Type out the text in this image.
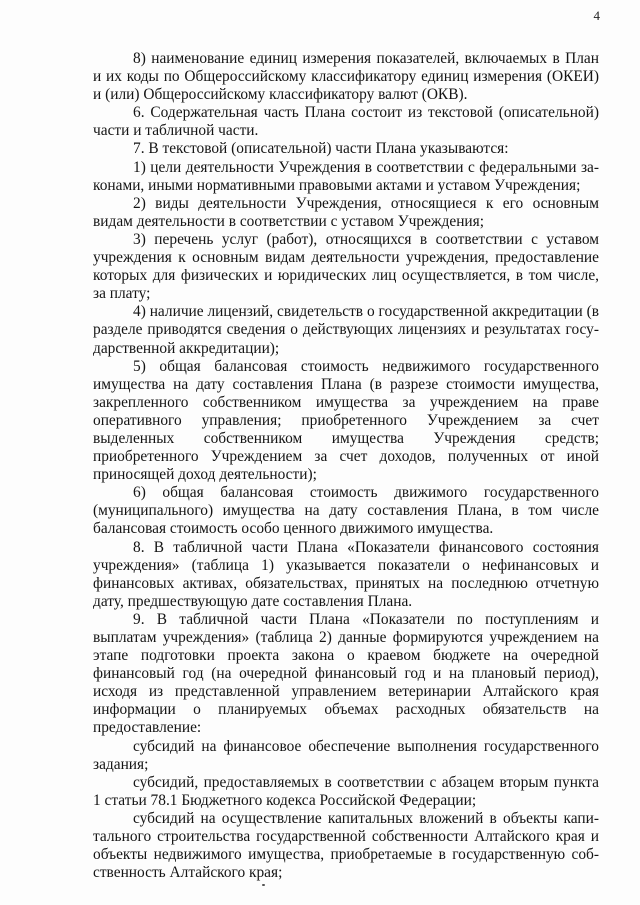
4

8) наименование единиц измерения показателей, включаемых в План и их коды по Общероссийскому классификатору единиц измерения (ОКЕИ) и (или) Общероссийскому классификатору валют (ОКВ).

6. Содержательная часть Плана состоит из текстовой (описательной) части и табличной части.

7. В текстовой (описательной) части Плана указываются:

1) цели деятельности Учреждения в соответствии с федеральными законами, иными нормативными правовыми актами и уставом Учреждения;

2) виды деятельности Учреждения, относящиеся к его основным видам деятельности в соответствии с уставом Учреждения;

3) перечень услуг (работ), относящихся в соответствии с уставом учреждения к основным видам деятельности учреждения, предоставление которых для физических и юридических лиц осуществляется, в том числе, за плату;

4) наличие лицензий, свидетельств о государственной аккредитации (в разделе приводятся сведения о действующих лицензиях и результатах государственной аккредитации);

5) общая балансовая стоимость недвижимого государственного имущества на дату составления Плана (в разрезе стоимости имущества, закрепленного собственником имущества за учреждением на праве оперативного управления; приобретенного Учреждением за счет выделенных собственником имущества Учреждения средств; приобретенного Учреждением за счет доходов, полученных от иной приносящей доход деятельности);

6) общая балансовая стоимость движимого государственного (муниципального) имущества на дату составления Плана, в том числе балансовая стоимость особо ценного движимого имущества.

8. В табличной части Плана «Показатели финансового состояния учреждения» (таблица 1) указывается показатели о нефинансовых и финансовых активах, обязательствах, принятых на последнюю отчетную дату, предшествующую дате составления Плана.

9. В табличной части Плана «Показатели по поступлениям и выплатам учреждения» (таблица 2) данные формируются учреждением на этапе подготовки проекта закона о краевом бюджете на очередной финансовый год (на очередной финансовый год и на плановый период), исходя из представленной управлением ветеринарии Алтайского края информации о планируемых объемах расходных обязательств на предоставление:

субсидий на финансовое обеспечение выполнения государственного задания;

субсидий, предоставляемых в соответствии с абзацем вторым пункта 1 статьи 78.1 Бюджетного кодекса Российской Федерации;

субсидий на осуществление капитальных вложений в объекты капитального строительства государственной собственности Алтайского края и объекты недвижимого имущества, приобретаемые в государственную собственность Алтайского края;
